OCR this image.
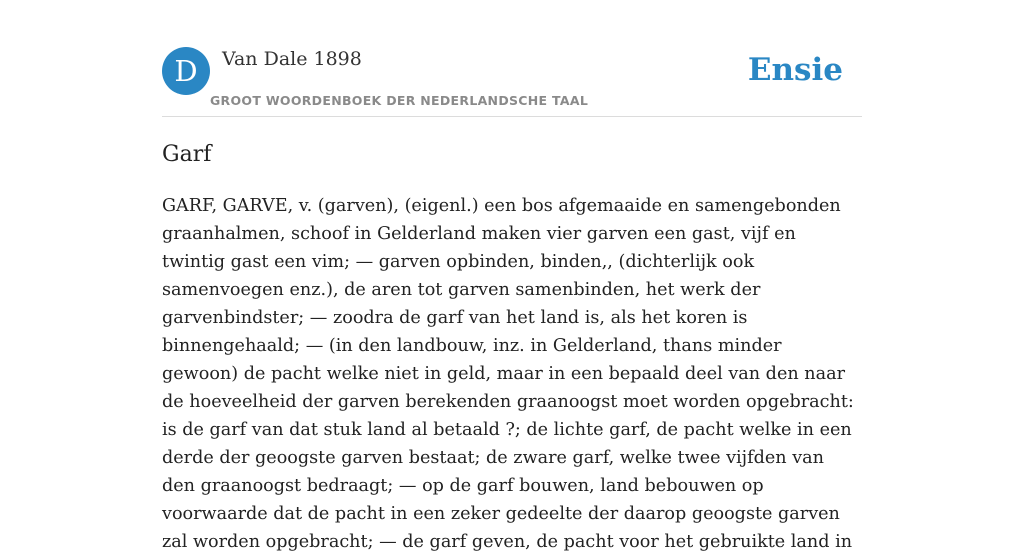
D	Van Dale 1898
GROOT WOORDENBOEK DER NEDERLANDSCHE TAAL
Ensie
Garf

GARF, GARVE, v. (garven), (eigenl.) een bos afgemaaide en samengebonden graanhalmen, schoof in Gelderland maken vier garven een gast, vijf en twintig gast een vim; — garven opbinden, binden,, (dichterlijk ook samenvoegen enz.), de aren tot garven samenbinden, het werk der garvenbindster; — zoodra de garf van het land is, als het koren is binnengehaald; — (in den landbouw, inz. in Gelderland, thans minder gewoon) de pacht welke niet in geld, maar in een bepaald deel van den naar de hoeveelheid der garven berekenden graanoogst moet worden opgebracht: is de garf van dat stuk land al betaald ?; de lichte garf, de pacht welke in een derde der geoogste garven bestaat; de zware garf, welke twee vijfden van den graanoogst bedraagt; — op de garf bouwen, land bebouwen op voorwaarde dat de pacht in een zeker gedeelte der daarop geoogste garven zal worden opgebracht; — de garf geven, de pacht voor het gebruikte land in
